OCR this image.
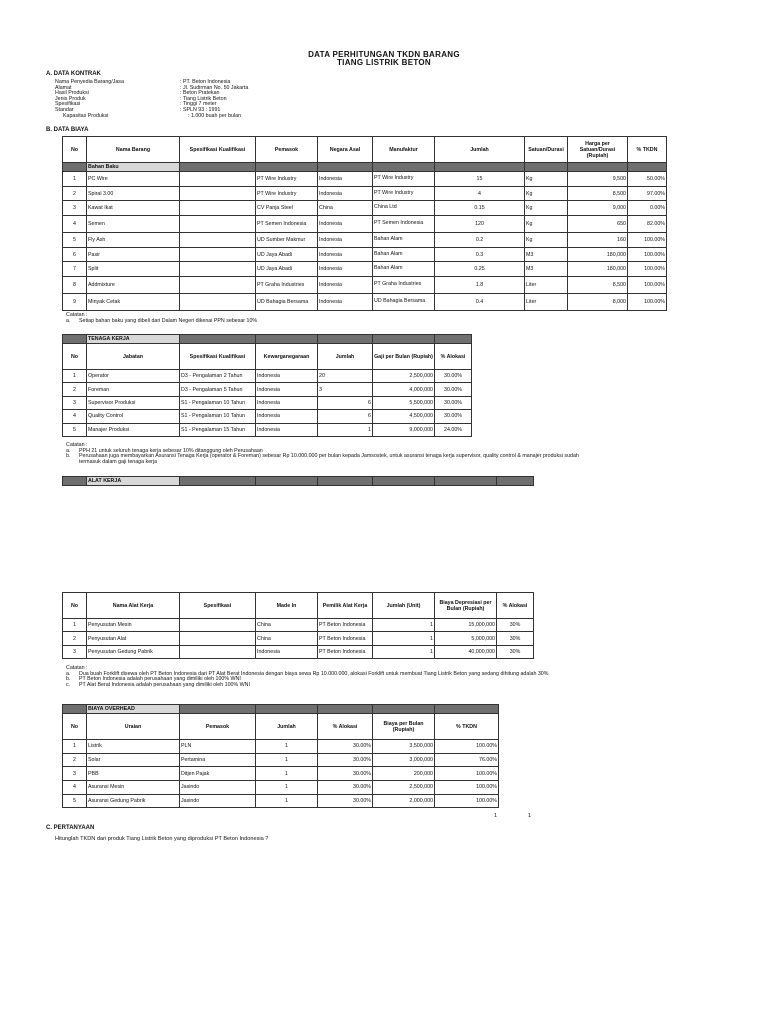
DATA PERHITUNGAN TKDN BARANG
TIANG LISTRIK BETON
A. DATA KONTRAK
Nama Penyedia Barang/Jasa	: PT. Beton Indonesia
Alamat	: Jl. Sudirman No. 50 Jakarta
Hasil Produksi	: Beton Pratekan
Jenis Produk	: Tiang Listrik Beton
Spesifikasi	: Tinggi 7 meter
Standar	: SPLN 93 : 1991
Kapasitas Produksi	: 1.000 buah per bulan
B. DATA BIAYA
No	Nama Barang	Spesifikasi Kualifikasi	Pemasok	Negara Asal	Manufaktur	Jumlah	Satuan/Durasi	Harga per Satuan/Durasi (Rupiah)	% TKDN
	Bahan Baku								
1	PC Wire		PT Wire Industry	Indonesia	PT Wire Industry	15	Kg	9,500	50.00%
2	Spiral 3.00		PT Wire Industry	Indonesia	PT Wire Industry	4	Kg	8,500	97.00%
3	Kawat Ikat		CV Panja Steel	China	China Ltd	0.15	Kg	9,000	0.00%
4	Semen		PT Semen Indonesia	Indonesia	PT Semen Indonesia	120	Kg	650	82.00%
5	Fly Ash		UD Sumber Makmur	Indonesia	Bahan Alam	0.2	Kg	160	100.00%
6	Pasir		UD Jaya Abadi	Indonesia	Bahan Alam	0.3	M3	180,000	100.00%
7	Split		UD Jaya Abadi	Indonesia	Bahan Alam	0.25	M3	180,000	100.00%
8	Addmixture		PT Graha Industries	Indonesia	PT Graha Industries	1.8	Liter	8,500	100.00%
9	Minyak Cetak		UD Bahagia Bersama	Indonesia	UD Bahagia Bersama	0.4	Liter	8,000	100.00%
Catatan :
a.	Setiap bahan baku yang dibeli dari Dalam Negeri dikenai PPN sebesar 10%
	TENAGA KERJA					
No	Jabatan	Spesifikasi Kualifikasi	Kewarganegaraan	Jumlah	Gaji per Bulan (Rupiah)	% Alokasi
1	Operator	D3 - Pengalaman 2 Tahun	Indonesia	20	2,500,000	30.00%
2	Foreman	D3 - Pengalaman 5 Tahun	Indonesia	3	4,000,000	30.00%
3	Supervisor Produksi	S1 - Pengalaman 10 Tahun	Indonesia	6	5,500,000	30.00%
4	Quality Control	S1 - Pengalaman 10 Tahun	Indonesia	6	4,500,000	30.00%
5	Manajer Produksi	S1 - Pengalaman 15 Tahun	Indonesia	1	9,000,000	24.00%
Catatan :
a.	PPH 21 untuk seluruh tenaga kerja sebesar 10% ditanggung oleh Perusahaan
b.	Perusahaan juga membayarkan Asuransi Tenaga Kerja (operator & Foreman) sebesar Rp 10.000.000 per bulan kepada Jamsostek, untuk asuransi tenaga kerja supervisor, quality control & manajer produksi sudah
termasuk dalam gaji tenaga kerja
	ALAT KERJA						
No	Nama Alat Kerja	Spesifikasi	Made In	Pemilik Alat Kerja	Jumlah (Unit)	Biaya Depresiasi per Bulan (Rupiah)	% Alokasi
1	Penyusutan Mesin		China	PT Beton Indonesia	1	15,000,000	30%
2	Penyusutan Alat		China	PT Beton Indonesia	1	5,000,000	30%
3	Penyusutan Gedung Pabrik		Indonesia	PT Beton Indonesia	1	40,000,000	30%
Catatan :
a.	Dua buah Forklift disewa oleh PT Beton Indonesia dari PT Alat Berat Indonesia dengan biaya sewa Rp 10.000.000, alokasi Forklift untuk membuat Tiang Listrik Beton yang sedang dihitung adalah 30%
b.	PT Beton Indonesia adalah perusahaan yang dimiliki oleh 100% WNI
c.	PT Alat Berat Indonesia adalah perusahaan yang dimiliki oleh 100% WNI
	BIAYA OVERHEAD					
No	Uraian	Pemasok	Jumlah	% Alokasi	Biaya per Bulan (Rupiah)	% TKDN
1	Listrik	PLN	1	30.00%	3,500,000	100.00%
2	Solar	Pertamina	1	30.00%	3,000,000	76.00%
3	PBB	Ditjen Pajak	1	30.00%	200,000	100.00%
4	Asuransi Mesin	Jasindo	1	30.00%	2,500,000	100.00%
5	Asuransi Gedung Pabrik	Jasindo	1	30.00%	2,000,000	100.00%
1	1
C. PERTANYAAN
Hitunglah TKDN dari produk Tiang Listrik Beton yang diproduksi PT Beton Indonesia ?
